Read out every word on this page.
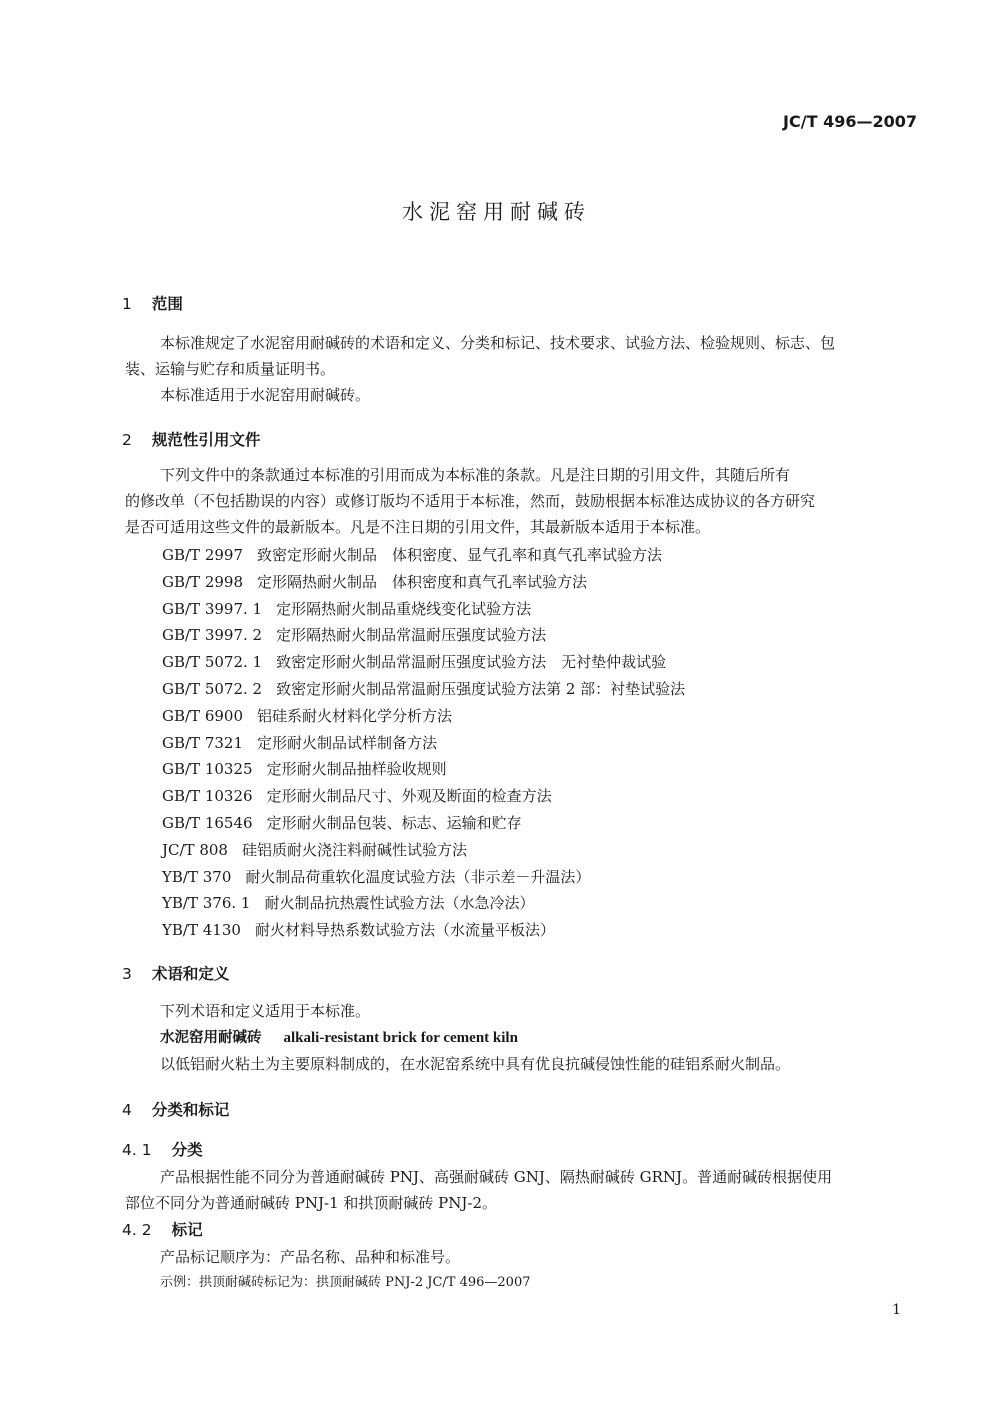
JC/T 496—2007
水泥窑用耐碱砖
1 范围
本标准规定了水泥窑用耐碱砖的术语和定义、分类和标记、技术要求、试验方法、检验规则、标志、包
装、运输与贮存和质量证明书。
本标准适用于水泥窑用耐碱砖。
2 规范性引用文件
下列文件中的条款通过本标准的引用而成为本标准的条款。凡是注日期的引用文件，其随后所有
的修改单（不包括勘误的内容）或修订版均不适用于本标准，然而，鼓励根据本标准达成协议的各方研究
是否可适用这些文件的最新版本。凡是不注日期的引用文件，其最新版本适用于本标准。
GB/T 2997 致密定形耐火制品　体积密度、显气孔率和真气孔率试验方法
GB/T 2998 定形隔热耐火制品　体积密度和真气孔率试验方法
GB/T 3997. 1 定形隔热耐火制品重烧线变化试验方法
GB/T 3997. 2 定形隔热耐火制品常温耐压强度试验方法
GB/T 5072. 1 致密定形耐火制品常温耐压强度试验方法　无衬垫仲裁试验
GB/T 5072. 2 致密定形耐火制品常温耐压强度试验方法第 2 部：衬垫试验法
GB/T 6900 铝硅系耐火材料化学分析方法
GB/T 7321 定形耐火制品试样制备方法
GB/T 10325 定形耐火制品抽样验收规则
GB/T 10326 定形耐火制品尺寸、外观及断面的检查方法
GB/T 16546 定形耐火制品包装、标志、运输和贮存
JC/T 808 硅铝质耐火浇注料耐碱性试验方法
YB/T 370 耐火制品荷重软化温度试验方法（非示差－升温法）
YB/T 376. 1 耐火制品抗热震性试验方法（水急冷法）
YB/T 4130 耐火材料导热系数试验方法（水流量平板法）
3 术语和定义
下列术语和定义适用于本标准。
水泥窑用耐碱砖 alkali-resistant brick for cement kiln
以低铝耐火粘土为主要原料制成的，在水泥窑系统中具有优良抗碱侵蚀性能的硅铝系耐火制品。
4 分类和标记
4. 1 分类
产品根据性能不同分为普通耐碱砖 PNJ、高强耐碱砖 GNJ、隔热耐碱砖 GRNJ。普通耐碱砖根据使用
部位不同分为普通耐碱砖 PNJ-1 和拱顶耐碱砖 PNJ-2。
4. 2 标记
产品标记顺序为：产品名称、品种和标准号。
示例：拱顶耐碱砖标记为：拱顶耐碱砖 PNJ-2 JC/T 496—2007
1
